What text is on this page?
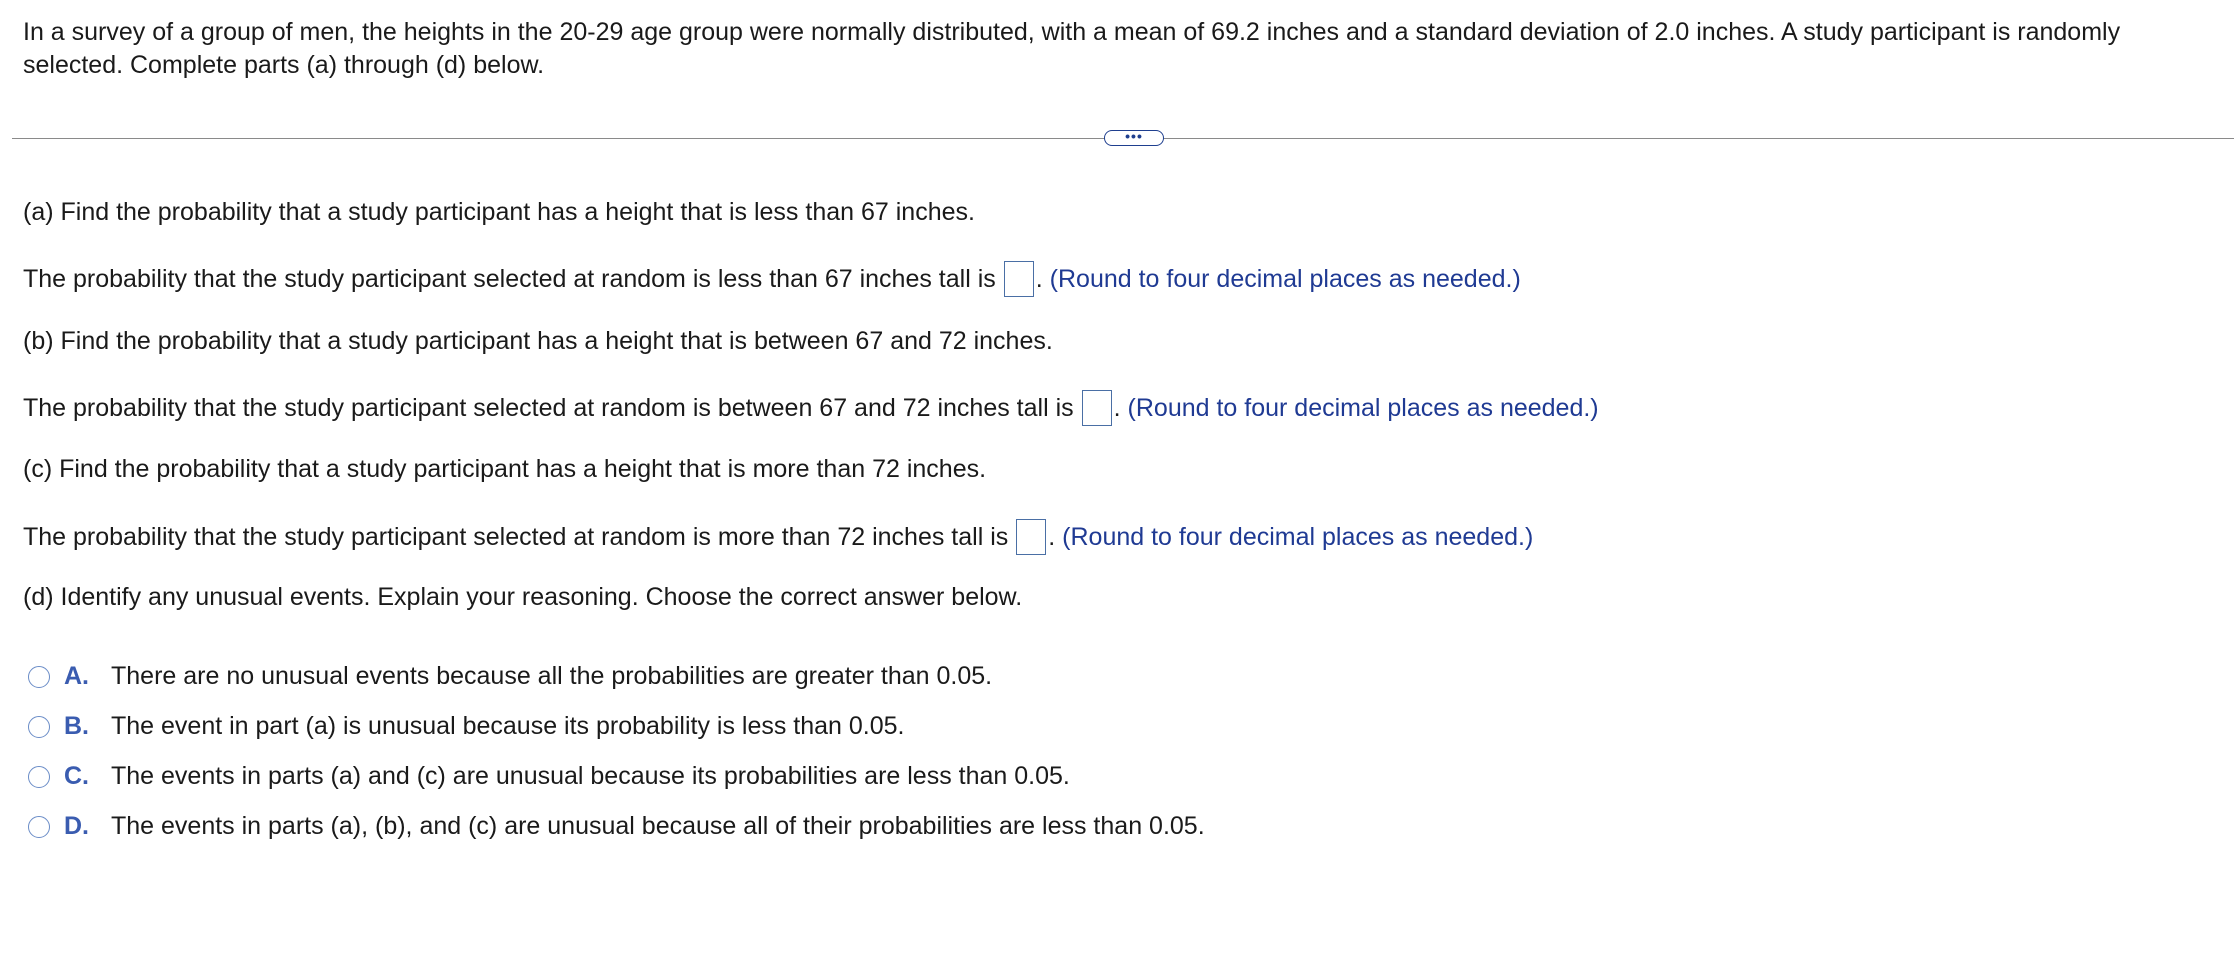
In a survey of a group of men, the heights in the 20-29 age group were normally distributed, with a mean of 69.2 inches and a standard deviation of 2.0 inches. A study participant is randomly selected. Complete parts (a) through (d) below.

•••

(a) Find the probability that a study participant has a height that is less than 67 inches.

The probability that the study participant selected at random is less than 67 inches tall is . (Round to four decimal places as needed.)

(b) Find the probability that a study participant has a height that is between 67 and 72 inches.

The probability that the study participant selected at random is between 67 and 72 inches tall is . (Round to four decimal places as needed.)

(c) Find the probability that a study participant has a height that is more than 72 inches.

The probability that the study participant selected at random is more than 72 inches tall is . (Round to four decimal places as needed.)

(d) Identify any unusual events. Explain your reasoning. Choose the correct answer below.

A. There are no unusual events because all the probabilities are greater than 0.05.
B. The event in part (a) is unusual because its probability is less than 0.05.
C. The events in parts (a) and (c) are unusual because its probabilities are less than 0.05.
D. The events in parts (a), (b), and (c) are unusual because all of their probabilities are less than 0.05.
